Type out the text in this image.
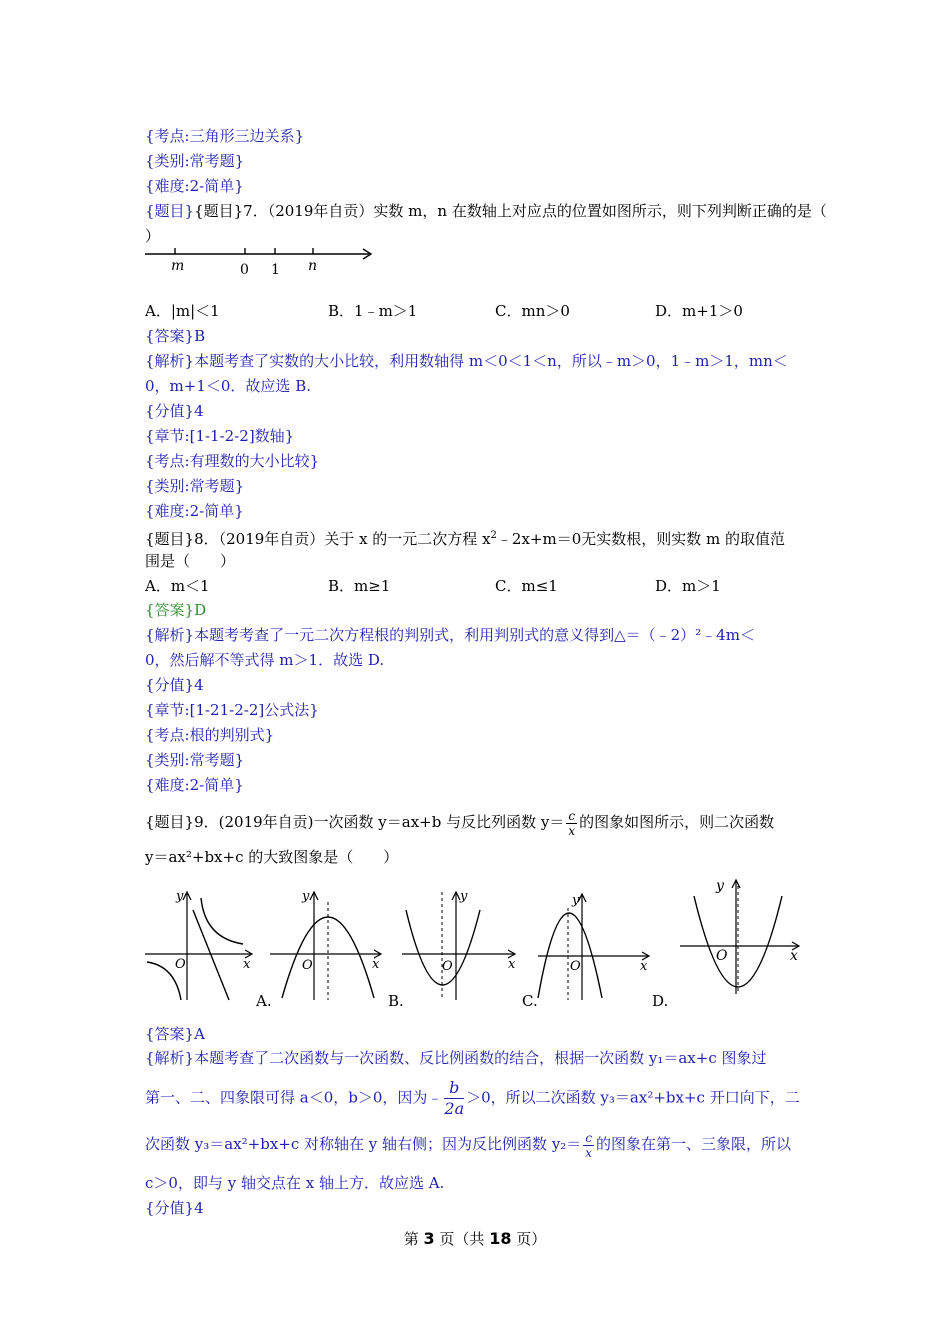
{考点:三角形三边关系}
{类别:常考题}
{难度:2-简单}
{题目}{题目}7．（2019年自贡）实数 m，n 在数轴上对应点的位置如图所示，则下列判断正确的是（
）
m	0 1 n
A．|m|＜1	B．1﹣m＞1	C．mn＞0	D．m+1＞0
{答案}B
{解析}本题考查了实数的大小比较，利用数轴得 m＜0＜1＜n，所以﹣m＞0，1﹣m＞1，mn＜
0，m+1＜0．故应选 B.
{分值}4
{章节:[1-1-2-2]数轴}
{考点:有理数的大小比较}
{类别:常考题}
{难度:2-简单}
{题目}8．（2019年自贡）关于 x 的一元二次方程 $x^2﹣2x+m=0$无实数根，则实数 m 的取值范
围是（　　）
A．m＜1	B．m≥1	C．m≤1	D．m＞1
{答案}D
{解析}本题考考查了一元二次方程根的判别式，利用判别式的意义得到△＝（﹣2）²﹣4m＜
0，然后解不等式得 m＞1．故选 D.
{分值}4
{章节:[1-21-2-2]公式法}
{考点:根的判别式}
{类别:常考题}
{难度:2-简单}
{题目}9．(2019年自贡)一次函数 y＝ax+b 与反比列函数 $y= \frac{c}{x}$ 的图象如图所示，则二次函数
y＝ax²+bx+c 的大致图象是（　　）
y
x
O
y
x
O
A.
y
x
O
B.
y
x
O
C.
y
x
O
D.
{答案}A
{解析}本题考查了二次函数与一次函数、反比例函数的结合，根据一次函数 y₁＝ax+c 图象过
第一、二、四象限可得 a＜0，b＞0，因为﹣ $\frac{b}{2a} >0$，所以二次函数 y₃＝ax²+bx+c 开口向下，二
次函数 y₃＝ax²+bx+c 对称轴在 y 轴右侧；因为反比例函数 $y_2= \frac{c}{x}$ 的图象在第一、三象限，所以
c＞0，即与 y 轴交点在 x 轴上方．故应选 A.
{分值}4
第 3 页（共 18 页）
